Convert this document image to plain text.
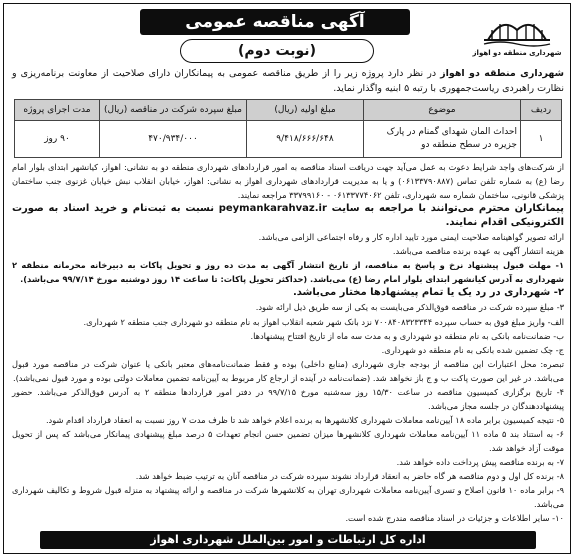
شهرداری منطقه دو اهواز
آگهی مناقصه عمومی
(نوبت دوم)
شهرداری منطقه دو اهواز در نظر دارد پروژه زیر را از طریق مناقصه عمومی به پیمانکاران دارای صلاحیت از معاونت برنامه‌ریزی و نظارت راهبردی ریاست‌جمهوری با رتبه ۵ ابنیه واگذار نماید.
ردیف	موضوع	مبلغ اولیه (ریال)	مبلغ سپرده شرکت در مناقصه (ریال)	مدت اجرای پروژه
۱	احداث المان شهدای گمنام در پارک جزیره در سطح منطقه دو	۹/۴۱۸/۶۶۶/۶۴۸	۴۷۰/۹۳۴/۰۰۰	۹۰ روز

از شرکت‌های واجد شرایط دعوت به عمل می‌آید جهت دریافت اسناد مناقصه به امور قراردادهای شهرداری منطقه دو به نشانی: اهواز، کیانشهر ابتدای بلوار امام رضا (ع) به شماره تلفن تماس (۰۶۱۳۳۷۹۰۸۸۷) و یا به مدیریت قراردادهای شهرداری اهواز به نشانی: اهواز، خیابان انقلاب نبش خیابان غزنوی جنب ساختمان پزشکی قانونی، ساختمان شماره سه شهرداری، تلفن ۰۶۱۳۳۷۷۴۰۶۲ - ۳۳۷۹۹۱۶۰ مراجعه نمایند.

پیمانکاران محترم می‌توانند با مراجعه به سایت peymankarahvaz.ir نسبت به ثبت‌نام و خرید اسناد به صورت الکترونیکی اقدام نمایند.

ارائه تصویر گواهینامه صلاحیت ایمنی مورد تایید اداره کار و رفاه اجتماعی الزامی می‌باشد.

هزینه انتشار آگهی به عهده برنده مناقصه می‌باشد.

۱- مهلت قبول پیشنهاد نرخ و پاسخ به مناقصه، از تاریخ انتشار آگهی به مدت ده روز و تحویل پاکات به دبیرخانه محرمانه منطقه ۲ شهرداری به آدرس کیانشهر ابتدای بلوار امام رضا (ع) می‌باشد. (حداکثر تحویل پاکات: تا ساعت ۱۴ روز دوشنبه مورخ ۹۹/۷/۱۴ می‌باشد).

۲- شهرداری در رد یک یا تمام پیشنهادها مختار می‌باشد.

۳- مبلغ سپرده شرکت در مناقصه فوق‌الذکر می‌بایست به یکی از سه طریق ذیل ارائه شود.

الف- واریز مبلغ فوق به حساب سپرده ۷۰۰۸۴۰۸۳۲۳۳۴۴ نزد بانک شهر شعبه انقلاب اهواز به نام منطقه دو شهرداری جنب منطقه ۲ شهرداری.

ب- ضمانت‌نامه بانکی به نام منطقه دو شهرداری و به مدت سه ماه از تاریخ افتتاح پیشنهادها.

ج- چک تضمین شده بانکی به نام منطقه دو شهرداری.

تبصره: محل اعتبارات این مناقصه از بودجه جاری شهرداری (منابع داخلی) بوده و فقط ضمانت‌نامه‌های معتبر بانکی یا عنوان شرکت در مناقصه مورد قبول می‌باشد. در غیر این صورت پاکت ب و ج باز نخواهد شد. (ضمانت‌نامه در آینده از ارجاع کار مربوط به آیین‌نامه تضمین معاملات دولتی بوده و مورد قبول نمی‌باشد).

۴- تاریخ برگزاری کمیسیون مناقصه در ساعت ۱۵/۳۰ روز سه‌شنبه مورخ ۹۹/۷/۱۵ در دفتر امور قراردادها منطقه ۲ به آدرس فوق‌الذکر می‌باشد. حضور پیشنهاددهندگان در جلسه مجاز می‌باشد.

۵- نتیجه کمیسیون برابر ماده ۱۸ آیین‌نامه معاملات شهرداری کلانشهر‌ها به برنده اعلام خواهد شد تا ظرف مدت ۷ روز نسبت به انعقاد قرارداد اقدام شود.

۶- به استناد بند ۵ ماده ۱۱ آیین‌نامه معاملات شهرداری کلانشهر‌ها میزان تضمین حسن انجام تعهدات ۵ درصد مبلغ پیشنهادی پیمانکار می‌باشد که پس از تحویل موقت آزاد خواهد شد.

۷- به برنده مناقصه پیش پرداخت داده خواهد شد.

۸- برنده کل اول و دوم مناقصه هر گاه حاضر به انعقاد قرارداد نشوند سپرده شرکت در مناقصه آنان به ترتیب ضبط خواهد شد.

۹- برابر ماده ۱۰ قانون اصلاح و تسری آیین‌نامه معاملات شهرداری تهران به کلانشهرها شرکت در مناقصه و ارائه پیشنهاد به منزله قبول شروط و تکالیف شهرداری می‌باشد.

۱۰- سایر اطلاعات و جزئیات در اسناد مناقصه مندرج شده است.

اداره کل ارتباطات و امور بین‌الملل شهرداری اهواز
